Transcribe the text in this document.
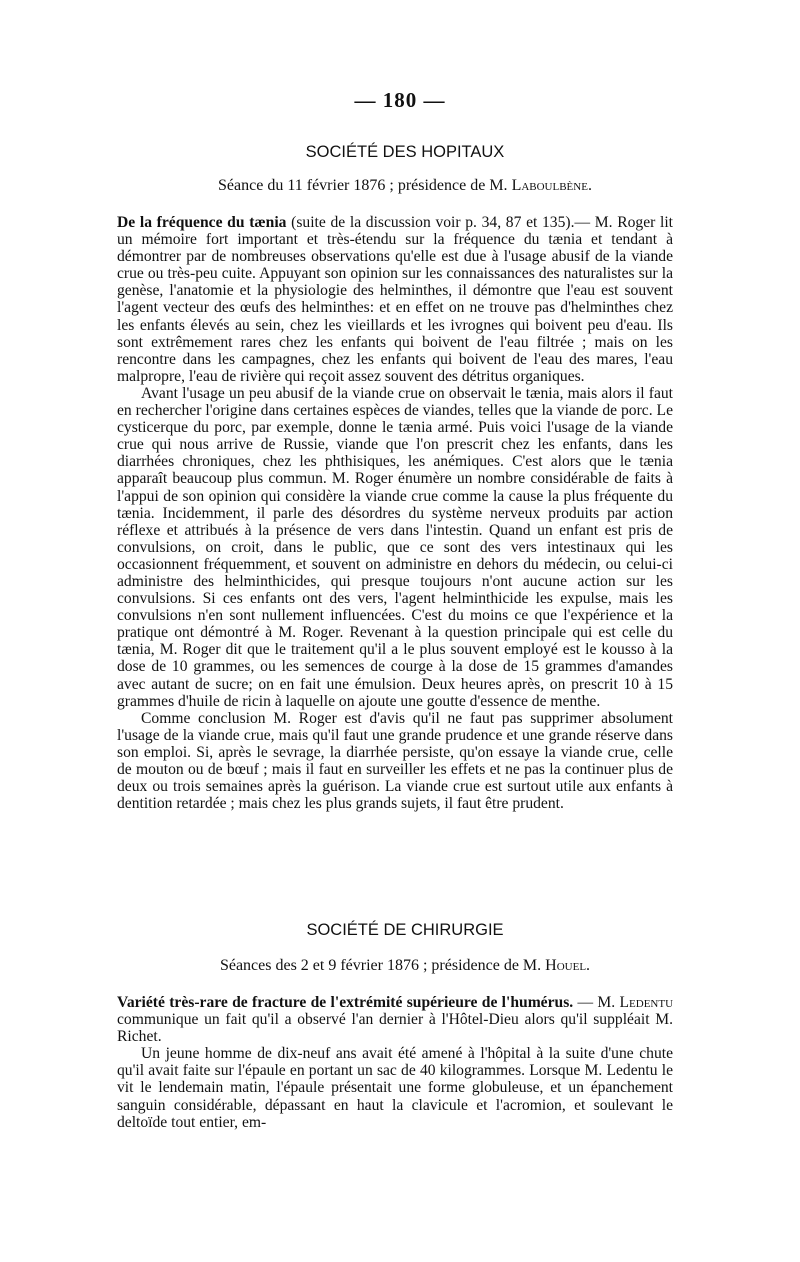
— 180 —
SOCIÉTÉ DES HOPITAUX
Séance du 11 février 1876 ; présidence de M. Laboulbène.

De la fréquence du tænia (suite de la discussion voir p. 34, 87 et 135).— M. Roger lit un mémoire fort important et très-étendu sur la fréquence du tænia et tendant à démontrer par de nombreuses observations qu'elle est due à l'usage abusif de la viande crue ou très-peu cuite. Appuyant son opinion sur les connaissances des naturalistes sur la genèse, l'anatomie et la physiologie des helminthes, il démontre que l'eau est souvent l'agent vecteur des œufs des helminthes: et en effet on ne trouve pas d'helminthes chez les enfants élevés au sein, chez les vieillards et les ivrognes qui boivent peu d'eau. Ils sont extrêmement rares chez les enfants qui boivent de l'eau filtrée ; mais on les rencontre dans les campagnes, chez les enfants qui boivent de l'eau des mares, l'eau malpropre, l'eau de rivière qui reçoit assez souvent des détritus organiques.

Avant l'usage un peu abusif de la viande crue on observait le tænia, mais alors il faut en rechercher l'origine dans certaines espèces de viandes, telles que la viande de porc. Le cysticerque du porc, par exemple, donne le tænia armé. Puis voici l'usage de la viande crue qui nous arrive de Russie, viande que l'on prescrit chez les enfants, dans les diarrhées chroniques, chez les phthisiques, les anémiques. C'est alors que le tænia apparaît beaucoup plus commun. M. Roger énumère un nombre considérable de faits à l'appui de son opinion qui considère la viande crue comme la cause la plus fréquente du tænia. Incidemment, il parle des désordres du système nerveux produits par action réflexe et attribués à la présence de vers dans l'intestin. Quand un enfant est pris de convulsions, on croit, dans le public, que ce sont des vers intestinaux qui les occasionnent fréquemment, et souvent on administre en dehors du médecin, ou celui-ci administre des helminthicides, qui presque toujours n'ont aucune action sur les convulsions. Si ces enfants ont des vers, l'agent helminthicide les expulse, mais les convulsions n'en sont nullement influencées. C'est du moins ce que l'expérience et la pratique ont démontré à M. Roger. Revenant à la question principale qui est celle du tænia, M. Roger dit que le traitement qu'il a le plus souvent employé est le kousso à la dose de 10 grammes, ou les semences de courge à la dose de 15 grammes d'amandes avec autant de sucre; on en fait une émulsion. Deux heures après, on prescrit 10 à 15 grammes d'huile de ricin à laquelle on ajoute une goutte d'essence de menthe.

Comme conclusion M. Roger est d'avis qu'il ne faut pas supprimer absolument l'usage de la viande crue, mais qu'il faut une grande prudence et une grande réserve dans son emploi. Si, après le sevrage, la diarrhée persiste, qu'on essaye la viande crue, celle de mouton ou de bœuf ; mais il faut en surveiller les effets et ne pas la continuer plus de deux ou trois semaines après la guérison. La viande crue est surtout utile aux enfants à dentition retardée ; mais chez les plus grands sujets, il faut être prudent.

SOCIÉTÉ DE CHIRURGIE
Séances des 2 et 9 février 1876 ; présidence de M. Houel.

Variété très-rare de fracture de l'extrémité supérieure de l'humérus. — M. Ledentu communique un fait qu'il a observé l'an dernier à l'Hôtel-Dieu alors qu'il suppléait M. Richet.

Un jeune homme de dix-neuf ans avait été amené à l'hôpital à la suite d'une chute qu'il avait faite sur l'épaule en portant un sac de 40 kilogrammes. Lorsque M. Ledentu le vit le lendemain matin, l'épaule présentait une forme globuleuse, et un épanchement sanguin considérable, dépassant en haut la clavicule et l'acromion, et soulevant le deltoïde tout entier, em-
